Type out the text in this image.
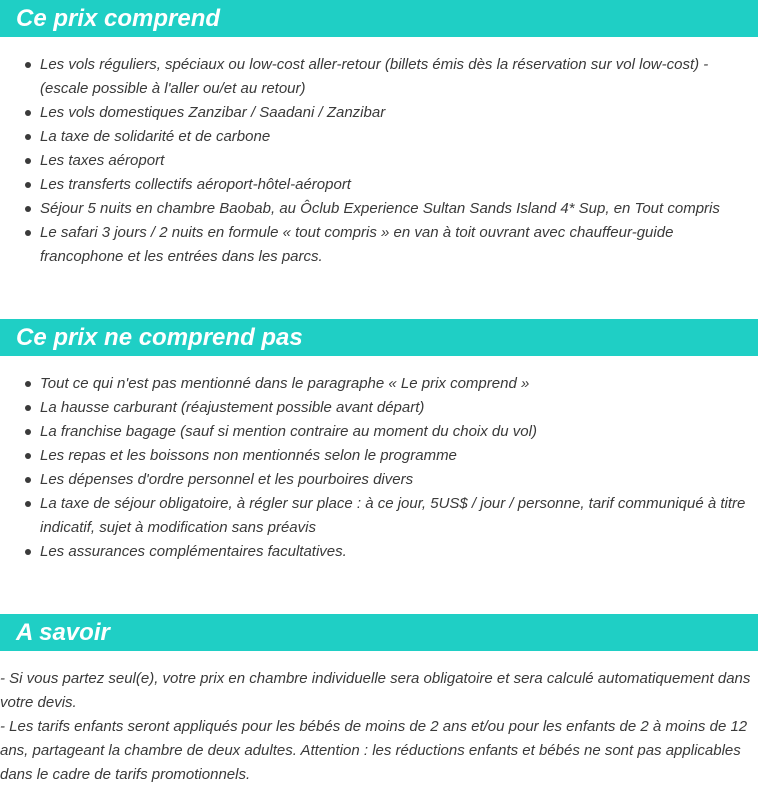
Ce prix comprend
Les vols réguliers, spéciaux ou low-cost aller-retour (billets émis dès la réservation sur vol low-cost) - (escale possible à l'aller ou/et au retour)
Les vols domestiques Zanzibar / Saadani / Zanzibar
La taxe de solidarité et de carbone
Les taxes aéroport
Les transferts collectifs aéroport-hôtel-aéroport
Séjour 5 nuits en chambre Baobab, au Ôclub Experience Sultan Sands Island 4* Sup, en Tout compris
Le safari 3 jours / 2 nuits en formule « tout compris » en van à toit ouvrant avec chauffeur-guide francophone et les entrées dans les parcs.
Ce prix ne comprend pas
Tout ce qui n'est pas mentionné dans le paragraphe « Le prix comprend »
La hausse carburant (réajustement possible avant départ)
La franchise bagage (sauf si mention contraire au moment du choix du vol)
Les repas et les boissons non mentionnés selon le programme
Les dépenses d'ordre personnel et les pourboires divers
La taxe de séjour obligatoire, à régler sur place : à ce jour, 5US$ / jour / personne, tarif communiqué à titre indicatif, sujet à modification sans préavis
Les assurances complémentaires facultatives.
A savoir

- Si vous partez seul(e), votre prix en chambre individuelle sera obligatoire et sera calculé automatiquement dans votre devis.

- Les tarifs enfants seront appliqués pour les bébés de moins de 2 ans et/ou pour les enfants de 2 à moins de 12 ans, partageant la chambre de deux adultes. Attention : les réductions enfants et bébés ne sont pas applicables dans le cadre de tarifs promotionnels.
